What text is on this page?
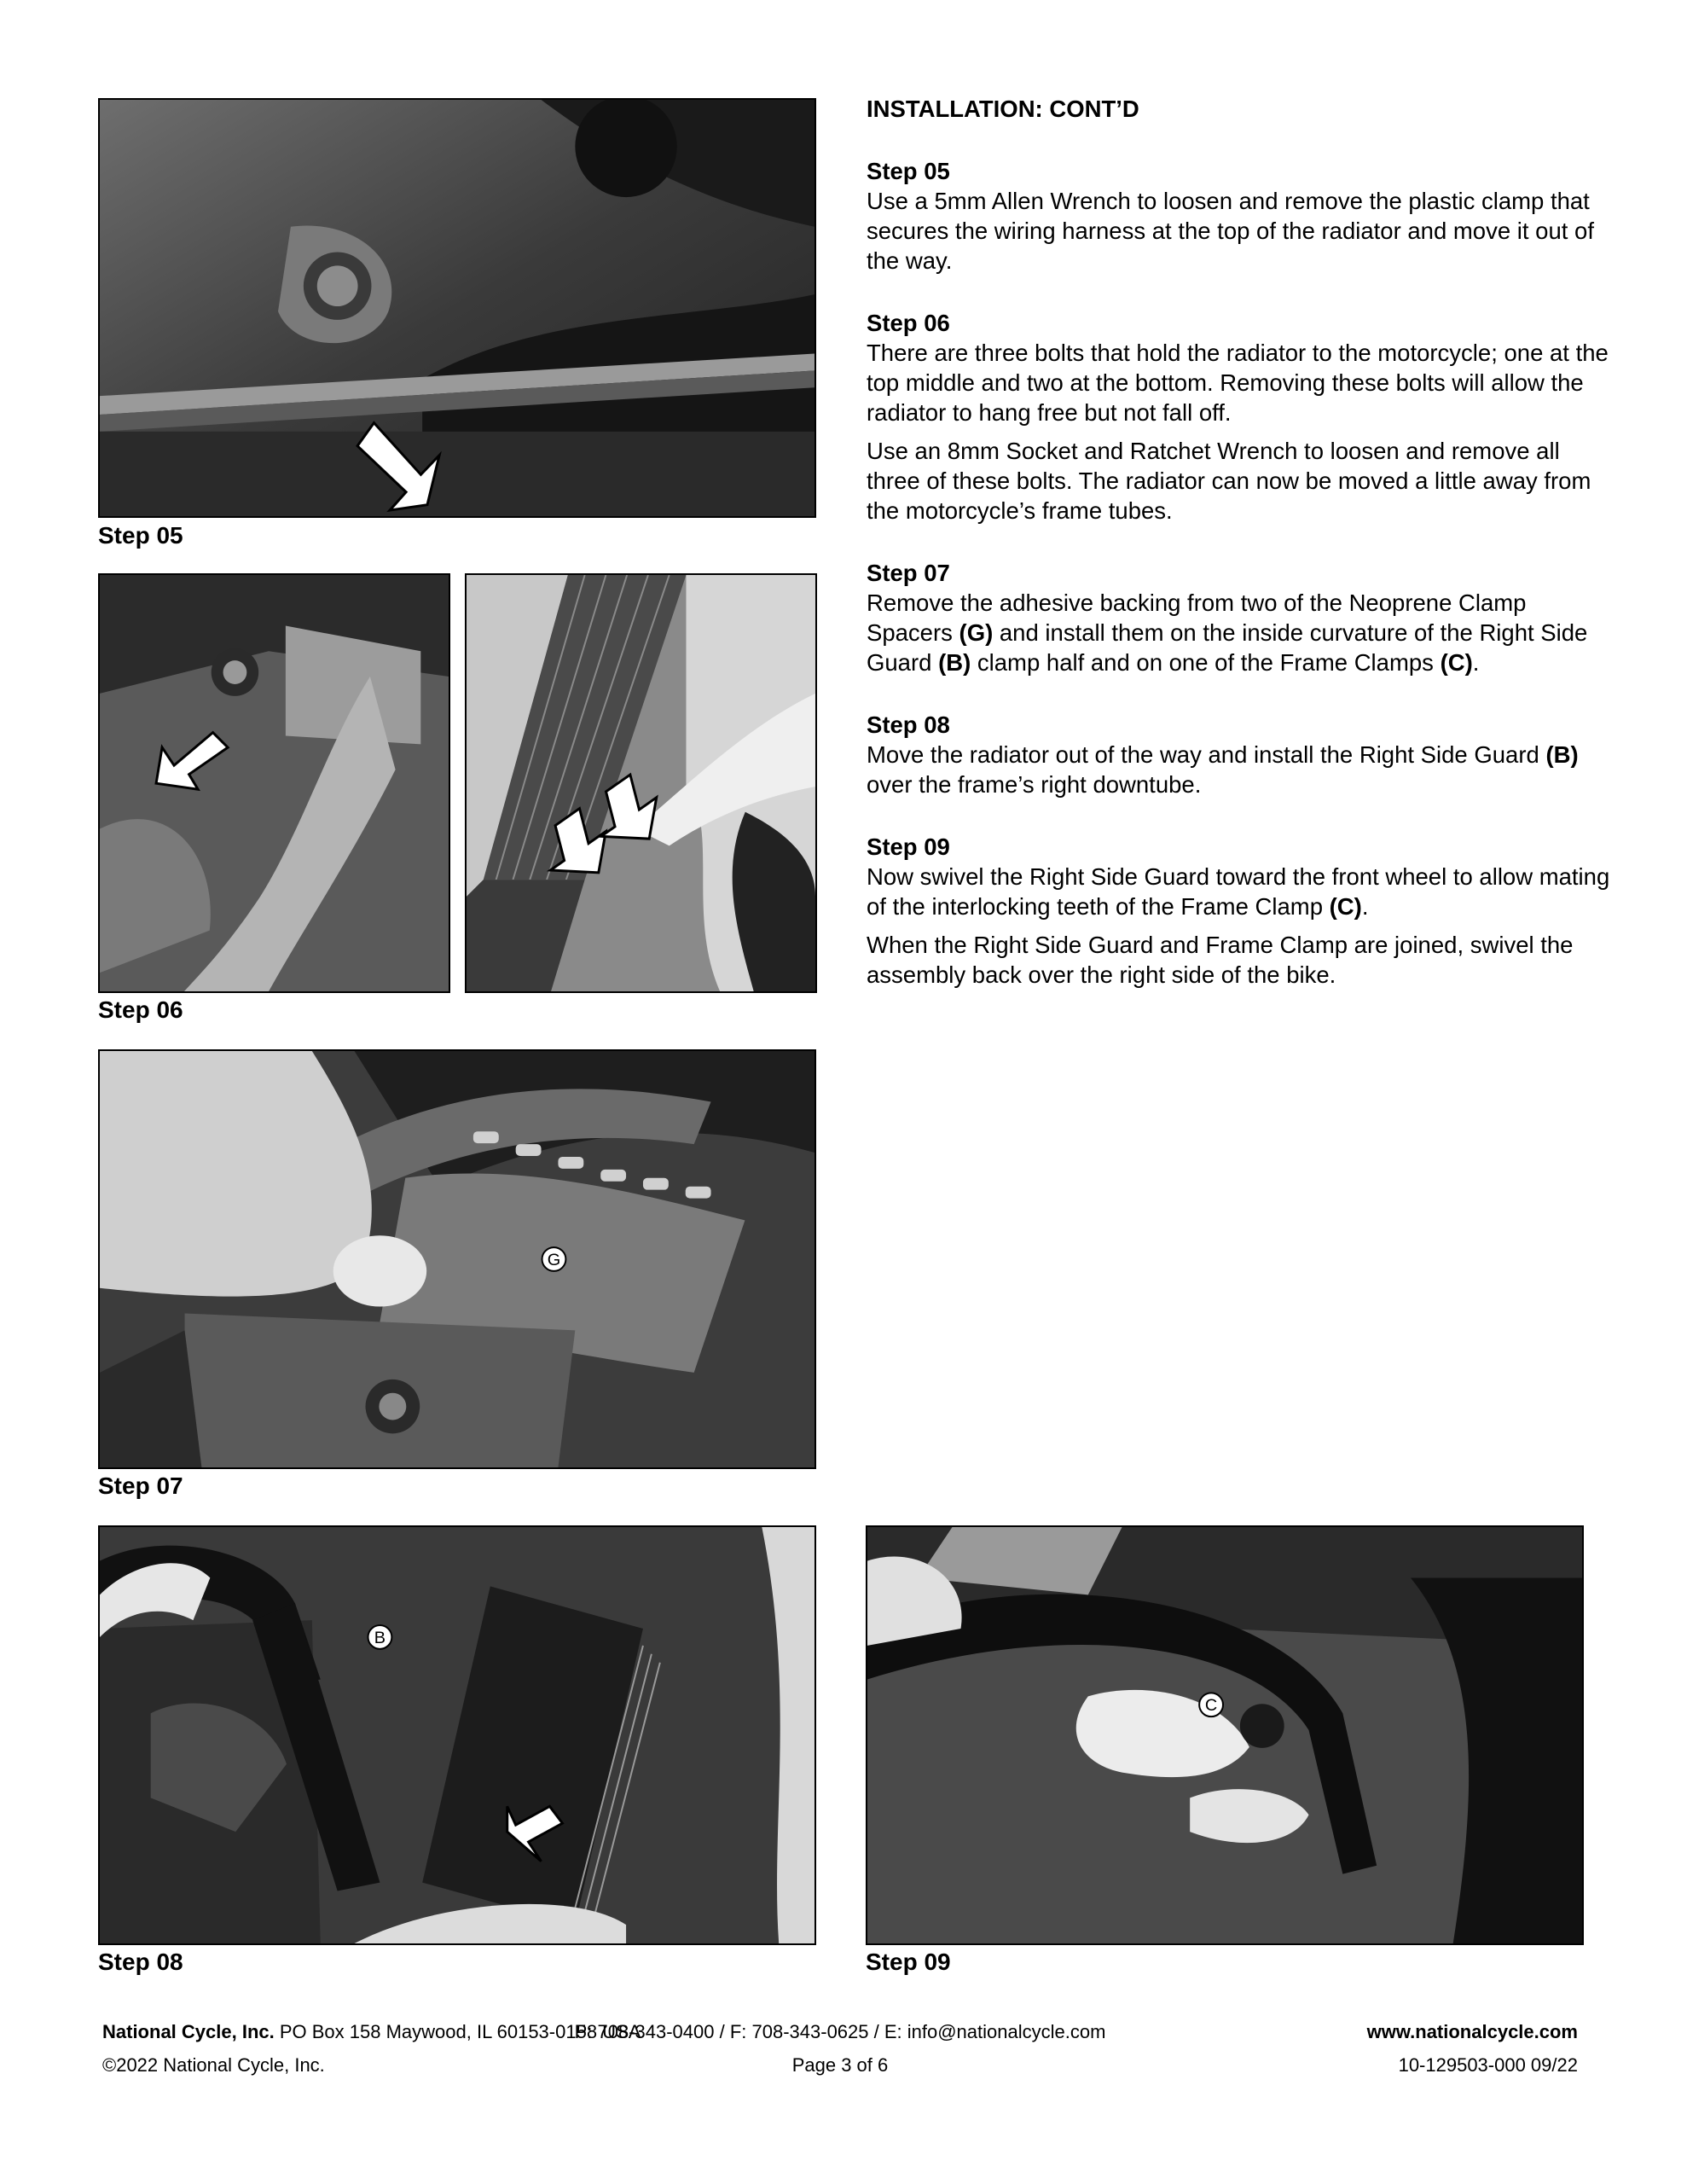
Step 05
Step 06
G
Step 07
B
Step 08
C
Step 09
INSTALLATION: CONT’D
Step 05

Use a 5mm Allen Wrench to loosen and remove the plastic clamp that secures the wiring harness at the top of the radiator and move it out of the way.

Step 06

There are three bolts that hold the radiator to the motorcycle; one at the top middle and two at the bottom. Removing these bolts will allow the radiator to hang free but not fall off.

Use an 8mm Socket and Ratchet Wrench to loosen and remove all three of these bolts. The radiator can now be moved a little away from the motorcycle’s frame tubes.

Step 07

Remove the adhesive backing from two of the Neoprene Clamp Spacers (G) and install them on the inside curvature of the Right Side Guard (B) clamp half and on one of the Frame Clamps (C).

Step 08

Move the radiator out of the way and install the Right Side Guard (B) over the frame’s right downtube.

Step 09

Now swivel the Right Side Guard toward the front wheel to allow mating of the interlocking teeth of the Frame Clamp (C).

When the Right Side Guard and Frame Clamp are joined, swivel the assembly back over the right side of the bike.

National Cycle, Inc. PO Box 158 Maywood, IL 60153-0158 USA
P: 708-343-0400 / F: 708-343-0625 / E: info@nationalcycle.com	www.nationalcycle.com
©2022 National Cycle, Inc.	Page 3 of 6	10-129503-000 09/22
